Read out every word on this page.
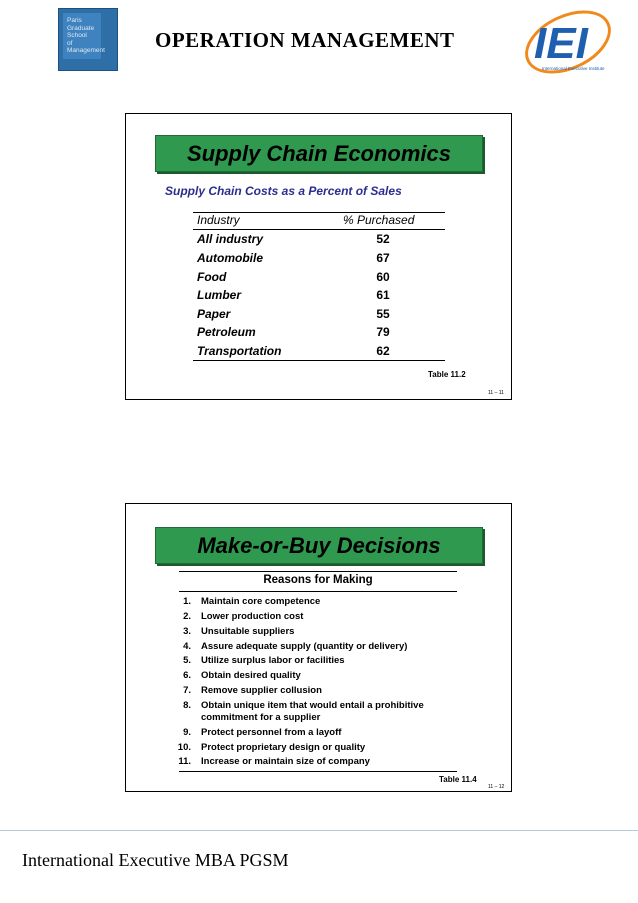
Paris
Graduate
School
of
Management OPERATION MANAGEMENT IEI
International Executive Institute
Supply Chain Economics
Supply Chain Costs as a Percent of Sales
Industry	% Purchased
All industry	52
Automobile	67
Food	60
Lumber	61
Paper	55
Petroleum	79
Transportation	62
Table 11.2
11 – 11
Make-or-Buy Decisions
Reasons for Making
1. Maintain core competence
2. Lower production cost
3. Unsuitable suppliers
4. Assure adequate supply (quantity or delivery)
5. Utilize surplus labor or facilities
6. Obtain desired quality
7. Remove supplier collusion
8. Obtain unique item that would entail a prohibitive
commitment for a supplier
9. Protect personnel from a layoff
10. Protect proprietary design or quality
11. Increase or maintain size of company
Table 11.4
11 – 12
International Executive MBA PGSM
